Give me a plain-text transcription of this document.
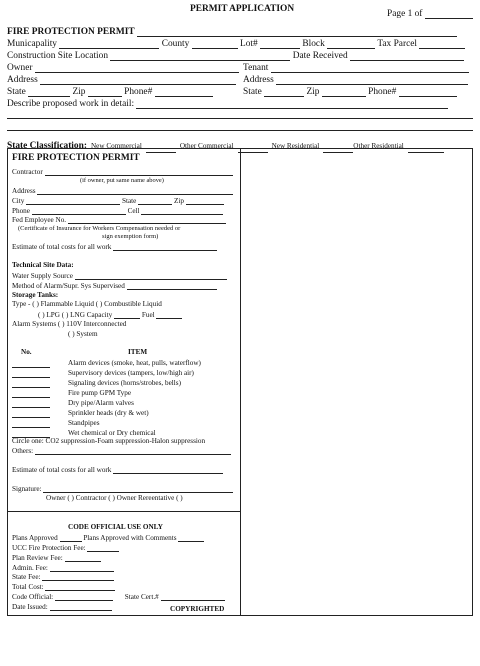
PERMIT APPLICATION	Page 1 of
FIRE PROTECTION PERMIT
Municapality	County	Lot#	Block	Tax Parcel
Construction Site Location	Date Received
Owner	Tenant
Address	Address
State	Zip	Phone#	State	Zip	Phone#
Describe proposed work in detail:
State Classification: New Commercial	Other Commercial	New Residential	Other Residential
FIRE PROTECTION PERMIT
Contractor
(if owner, put same name above)
Address
City	State	Zip
Phone	Cell
Fed Employee No.
(Certificate of Insurance for Workers Compensation needed or
sign exemption form)
Estimate of total costs for all work
Technical Site Data:
Water Supply Source
Method of Alarm/Supr. Sys Supervised
Storage Tanks:
Type - ( ) Flammable Liquid ( ) Combustible Liquid
( ) LPG ( ) LNG Capacity	Fuel
Alarm Systems ( ) 110V Interconnected
( ) System
No.	ITEM
Alarm devices (smoke, heat, pulls, waterflow)
Supervisory devices (tampers, low/high air)
Signaling devices (horns/strobes, bells)
Fire pump GPM Type
Dry pipe/Alarm valves
Sprinkler heads (dry & wet)
Standpipes
Wet chemical or Dry chemical
Circle one: CO2 suppression-Foam suppression-Halon suppression
Others:
Estimate of total costs for all work
Signature:
Owner ( ) Contractor ( ) Owner Rereentative ( )
CODE OFFICIAL USE ONLY
Plans Approved	Plans Approved with Comments
UCC Fire Protection Fee:
Plan Review Fee:
Admin. Fee:
State Fee:
Total Cost:
Code Official:	State Cert.#
Date Issued:	COPYRIGHTED
